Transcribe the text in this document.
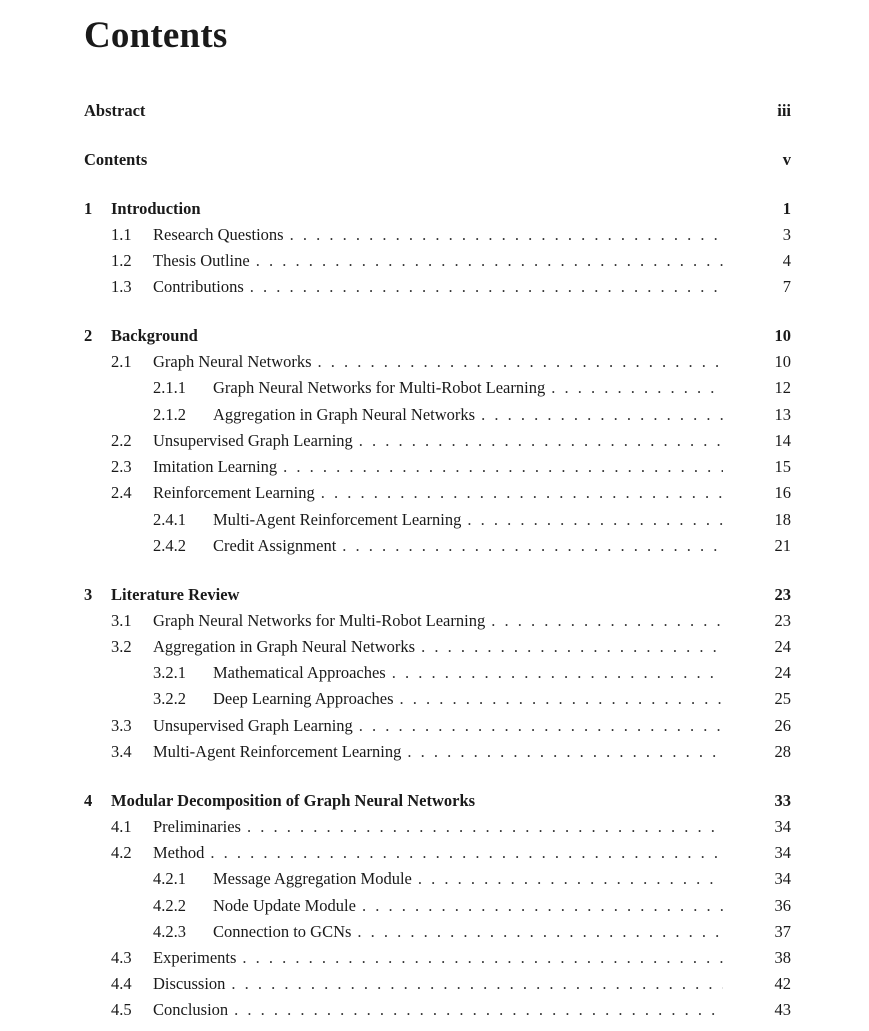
Contents
Abstract	iii
Contents	v
1	Introduction	1
1.1	Research Questions . . .	3
1.2	Thesis Outline . . .	4
1.3	Contributions . . .	7
2	Background	10
2.1	Graph Neural Networks . . .	10
2.1.1	Graph Neural Networks for Multi-Robot Learning . . .	12
2.1.2	Aggregation in Graph Neural Networks . . .	13
2.2	Unsupervised Graph Learning . . .	14
2.3	Imitation Learning . . .	15
2.4	Reinforcement Learning . . .	16
2.4.1	Multi-Agent Reinforcement Learning . . .	18
2.4.2	Credit Assignment . . .	21
3	Literature Review	23
3.1	Graph Neural Networks for Multi-Robot Learning . . .	23
3.2	Aggregation in Graph Neural Networks . . .	24
3.2.1	Mathematical Approaches . . .	24
3.2.2	Deep Learning Approaches . . .	25
3.3	Unsupervised Graph Learning . . .	26
3.4	Multi-Agent Reinforcement Learning . . .	28
4	Modular Decomposition of Graph Neural Networks	33
4.1	Preliminaries . . .	34
4.2	Method . . .	34
4.2.1	Message Aggregation Module . . .	34
4.2.2	Node Update Module . . .	36
4.2.3	Connection to GCNs . . .	37
4.3	Experiments . . .	38
4.4	Discussion . . .	42
4.5	Conclusion . . .	43
